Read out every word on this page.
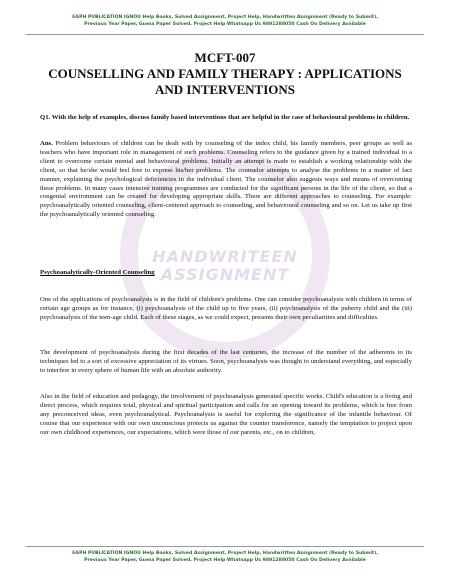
HANDWRITEEN
ASSIGNMENT
GSPH PUBLICATION IGNOU Help Books, Solved Assignment, Project Help, Handwritten Assignment (Ready to Submit),
Previous Year Paper, Guess Paper Solved, Project Help Whatsapp Us 9891288050 Cash On Delivery Available
MCFT-007
COUNSELLING AND FAMILY THERAPY : APPLICATIONS
AND INTERVENTIONS
Q1. With the help of examples, discuss family based interventions that are helpful in the case of behavioural problems in children.
Ans. Problem behaviours of children can be dealt with by counseling of the index child, his family members, peer groups as well as teachers who have important role in management of such problems. Counseling refers to the guidance given by a trained individual to a client to overcome certain mental and behavioural problems. Initially an attempt is made to establish a working relationship with the client, so that he/she would feel free to express his/her problems. The counselor attempts to analyse the problems in a matter of fact manner, explaining the psychological deficiencies in the individual client. The counselor also suggests ways and means of overcoming these problems. In many cases intensive training programmes are conducted for the significant persons in the life of the client, so that a congenial environment can be created for developing appropriate skills. There are different approaches to counseling. For example: psychoanalytically oriented counseling, client-centered approach to counseling, and behavioural counseling and so on. Let us take up first the psychoanalytically oriented counseling.
Psychoanalytically-Oriented Counseling
One of the applications of psychoanalysis is in the field of children's problems. One can consider psychoanalysis with children in terms of certain age groups as for instance, (i) psychoanalysis of the child up to five years, (ii) psychoanalysis of the puberty child and the (iii) psychoanalysis of the teen-age child. Each of these stages, as we could expect, presents their own peculiarities and difficulties.
The development of psychoanalysis during the first decades of the last centuries, the increase of the number of the adherents to its techniques led to a sort of excessive appreciation of its virtues. Soon, psychoanalysis was thought to understand everything, and especially to interfere in every sphere of human life with an absolute authority.
Also in the field of education and pedagogy, the involvement of psychoanalysis generated specific works. Child's education is a living and direct process, which requires total, physical and spiritual participation and calls for an opening toward its problems, which is free from any preconceived ideas, even psychoanalytical. Psychoanalysis is useful for exploring the significance of the infantile behaviour. Of course that our experience with our own unconscious protects us against the counter transference, namely the temptation to project upon our own childhood experiences, our expectations, which were those of our parents, etc., on to children,
GSPH PUBLICATION IGNOU Help Books, Solved Assignment, Project Help, Handwritten Assignment (Ready to Submit),
Previous Year Paper, Guess Paper Solved, Project Help Whatsapp Us 9891288050 Cash On Delivery Available
